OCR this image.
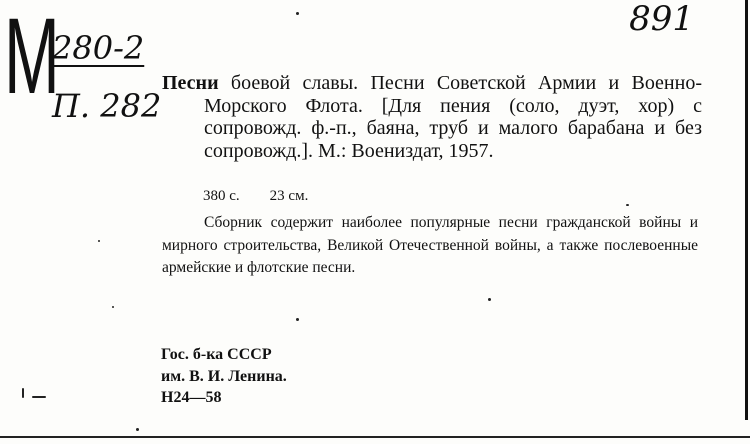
М
280-2
П. 282
891
Песни боевой славы. Песни Советской Армии и Военно-Морского Флота. [Для пения (соло, дуэт, хор) с сопровожд. ф.-п., баяна, труб и малого барабана и без сопровожд.]. М.: Воениздат, 1957.
380 с. 23 см.
Сборник содержит наиболее популярные песни гражданской войны и мирного строительства, Великой Отечественной войны, а также послевоенные армейские и флотские песни.
Гос. б-ка СССР
им. В. И. Ленина.
Н24—58
